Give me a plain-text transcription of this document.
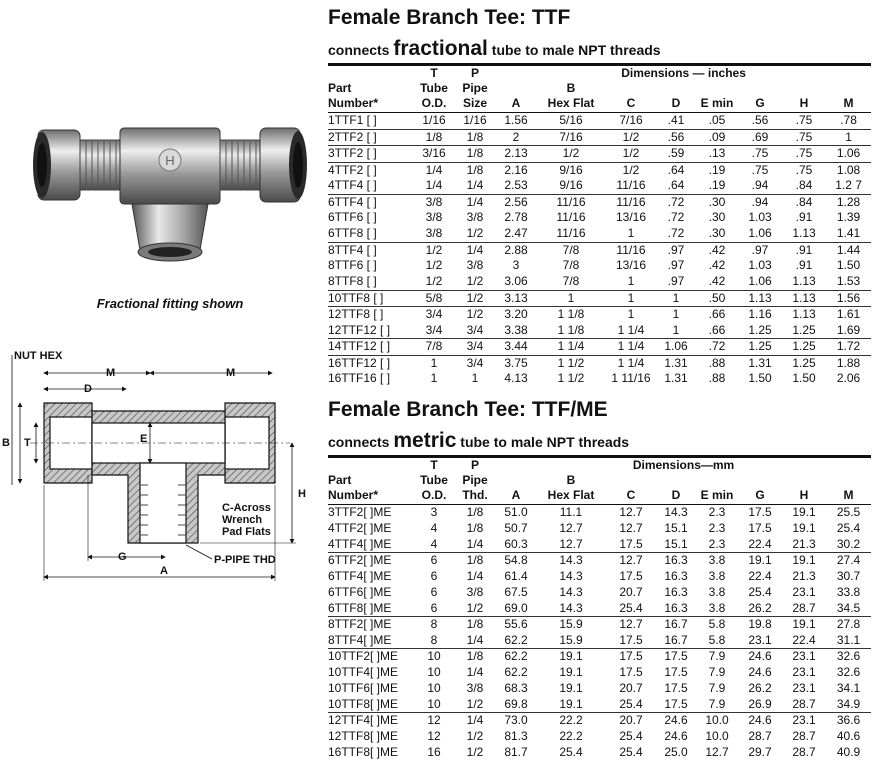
H
Fractional fitting shown
NUT HEX
M	M
D
B T	E
H
C-Across
Wrench
Pad Flats
G	P-PIPE THD
A
Female Branch Tee: TTF
connects fractional tube to male NPT threads
	T	P	Dimensions — inches							
Part	Tube	Pipe		B						
Number*	O.D.	Size	A	Hex Flat	C	D	E min	G	H	M
1TTF1 [ ]	1/16	1/16	1.56	5/16	7/16	.41	.05	.56	.75	.78
2TTF2 [ ]	1/8	1/8	2	7/16	1/2	.56	.09	.69	.75	1
3TTF2 [ ]	3/16	1/8	2.13	1/2	1/2	.59	.13	.75	.75	1.06
4TTF2 [ ]	1/4	1/8	2.16	9/16	1/2	.64	.19	.75	.75	1.08
4TTF4 [ ]	1/4	1/4	2.53	9/16	11/16	.64	.19	.94	.84	1.2 7
6TTF4 [ ]	3/8	1/4	2.56	11/16	11/16	.72	.30	.94	.84	1.28
6TTF6 [ ]	3/8	3/8	2.78	11/16	13/16	.72	.30	1.03	.91	1.39
6TTF8 [ ]	3/8	1/2	2.47	11/16	1	.72	.30	1.06	1.13	1.41
8TTF4 [ ]	1/2	1/4	2.88	7/8	11/16	.97	.42	.97	.91	1.44
8TTF6 [ ]	1/2	3/8	3	7/8	13/16	.97	.42	1.03	.91	1.50
8TTF8 [ ]	1/2	1/2	3.06	7/8	1	.97	.42	1.06	1.13	1.53
10TTF8 [ ]	5/8	1/2	3.13	1	1	1	.50	1.13	1.13	1.56
12TTF8 [ ]	3/4	1/2	3.20	1 1/8	1	1	.66	1.16	1.13	1.61
12TTF12 [ ]	3/4	3/4	3.38	1 1/8	1 1/4	1	.66	1.25	1.25	1.69
14TTF12 [ ]	7/8	3/4	3.44	1 1/4	1 1/4	1.06	.72	1.25	1.25	1.72
16TTF12 [ ]	1	3/4	3.75	1 1/2	1 1/4	1.31	.88	1.31	1.25	1.88
16TTF16 [ ]	1	1	4.13	1 1/2	1 11/16	1.31	.88	1.50	1.50	2.06
Female Branch Tee: TTF/ME
connects metric tube to male NPT threads
	T	P	Dimensions—mm							
Part	Tube	Pipe		B						
Number*	O.D.	Thd.	A	Hex Flat	C	D	E min	G	H	M
3TTF2[ ]ME	3	1/8	51.0	11.1	12.7	14.3	2.3	17.5	19.1	25.5
4TTF2[ ]ME	4	1/8	50.7	12.7	12.7	15.1	2.3	17.5	19.1	25.4
4TTF4[ ]ME	4	1/4	60.3	12.7	17.5	15.1	2.3	22.4	21.3	30.2
6TTF2[ ]ME	6	1/8	54.8	14.3	12.7	16.3	3.8	19.1	19.1	27.4
6TTF4[ ]ME	6	1/4	61.4	14.3	17.5	16.3	3.8	22.4	21.3	30.7
6TTF6[ ]ME	6	3/8	67.5	14.3	20.7	16.3	3.8	25.4	23.1	33.8
6TTF8[ ]ME	6	1/2	69.0	14.3	25.4	16.3	3.8	26.2	28.7	34.5
8TTF2[ ]ME	8	1/8	55.6	15.9	12.7	16.7	5.8	19.8	19.1	27.8
8TTF4[ ]ME	8	1/4	62.2	15.9	17.5	16.7	5.8	23.1	22.4	31.1
10TTF2[ ]ME	10	1/8	62.2	19.1	17.5	17.5	7.9	24.6	23.1	32.6
10TTF4[ ]ME	10	1/4	62.2	19.1	17.5	17.5	7.9	24.6	23.1	32.6
10TTF6[ ]ME	10	3/8	68.3	19.1	20.7	17.5	7.9	26.2	23.1	34.1
10TTF8[ ]ME	10	1/2	69.8	19.1	25.4	17.5	7.9	26.9	28.7	34.9
12TTF4[ ]ME	12	1/4	73.0	22.2	20.7	24.6	10.0	24.6	23.1	36.6
12TTF8[ ]ME	12	1/2	81.3	22.2	25.4	24.6	10.0	28.7	28.7	40.6
16TTF8[ ]ME	16	1/2	81.7	25.4	25.4	25.0	12.7	29.7	28.7	40.9
